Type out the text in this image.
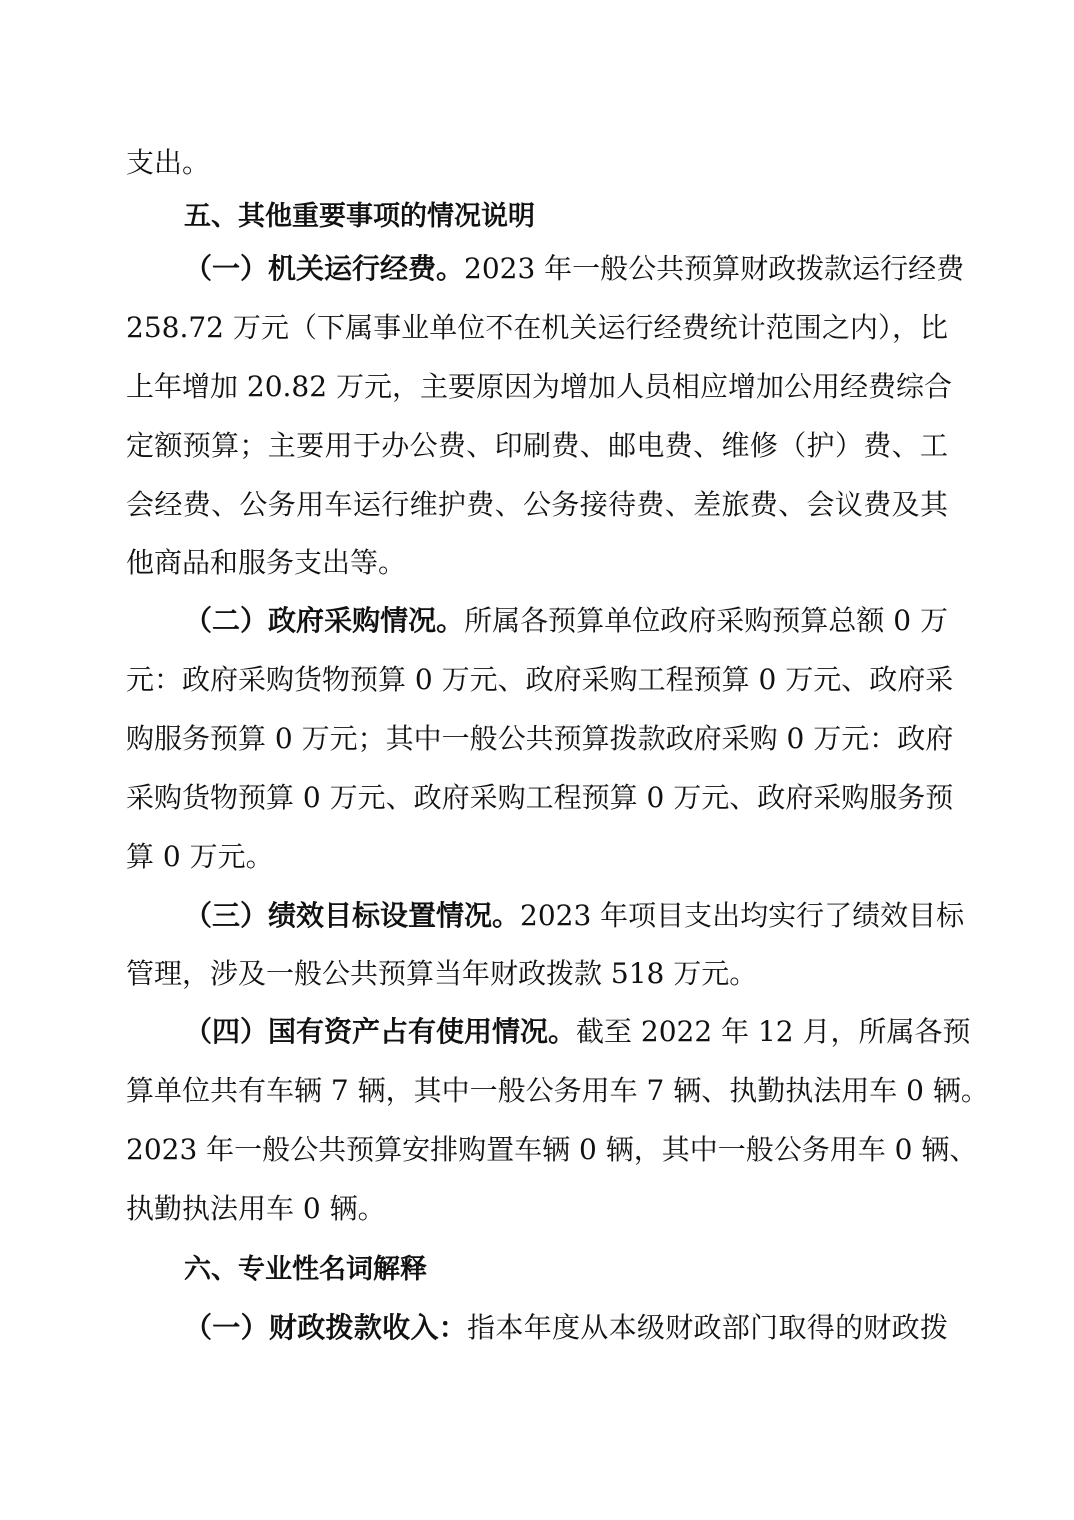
支出。
五、其他重要事项的情况说明
（一）机关运行经费。2023 年一般公共预算财政拨款运行经费
258.72 万元（下属事业单位不在机关运行经费统计范围之内），比
上年增加 20.82 万元，主要原因为增加人员相应增加公用经费综合
定额预算；主要用于办公费、印刷费、邮电费、维修（护）费、工
会经费、公务用车运行维护费、公务接待费、差旅费、会议费及其
他商品和服务支出等。
（二）政府采购情况。所属各预算单位政府采购预算总额 0 万
元：政府采购货物预算 0 万元、政府采购工程预算 0 万元、政府采
购服务预算 0 万元；其中一般公共预算拨款政府采购 0 万元：政府
采购货物预算 0 万元、政府采购工程预算 0 万元、政府采购服务预
算 0 万元。
（三）绩效目标设置情况。2023 年项目支出均实行了绩效目标
管理，涉及一般公共预算当年财政拨款 518 万元。
（四）国有资产占有使用情况。截至 2022 年 12 月，所属各预
算单位共有车辆 7 辆，其中一般公务用车 7 辆、执勤执法用车 0 辆。
2023 年一般公共预算安排购置车辆 0 辆，其中一般公务用车 0 辆、
执勤执法用车 0 辆。
六、专业性名词解释
（一）财政拨款收入：指本年度从本级财政部门取得的财政拨
